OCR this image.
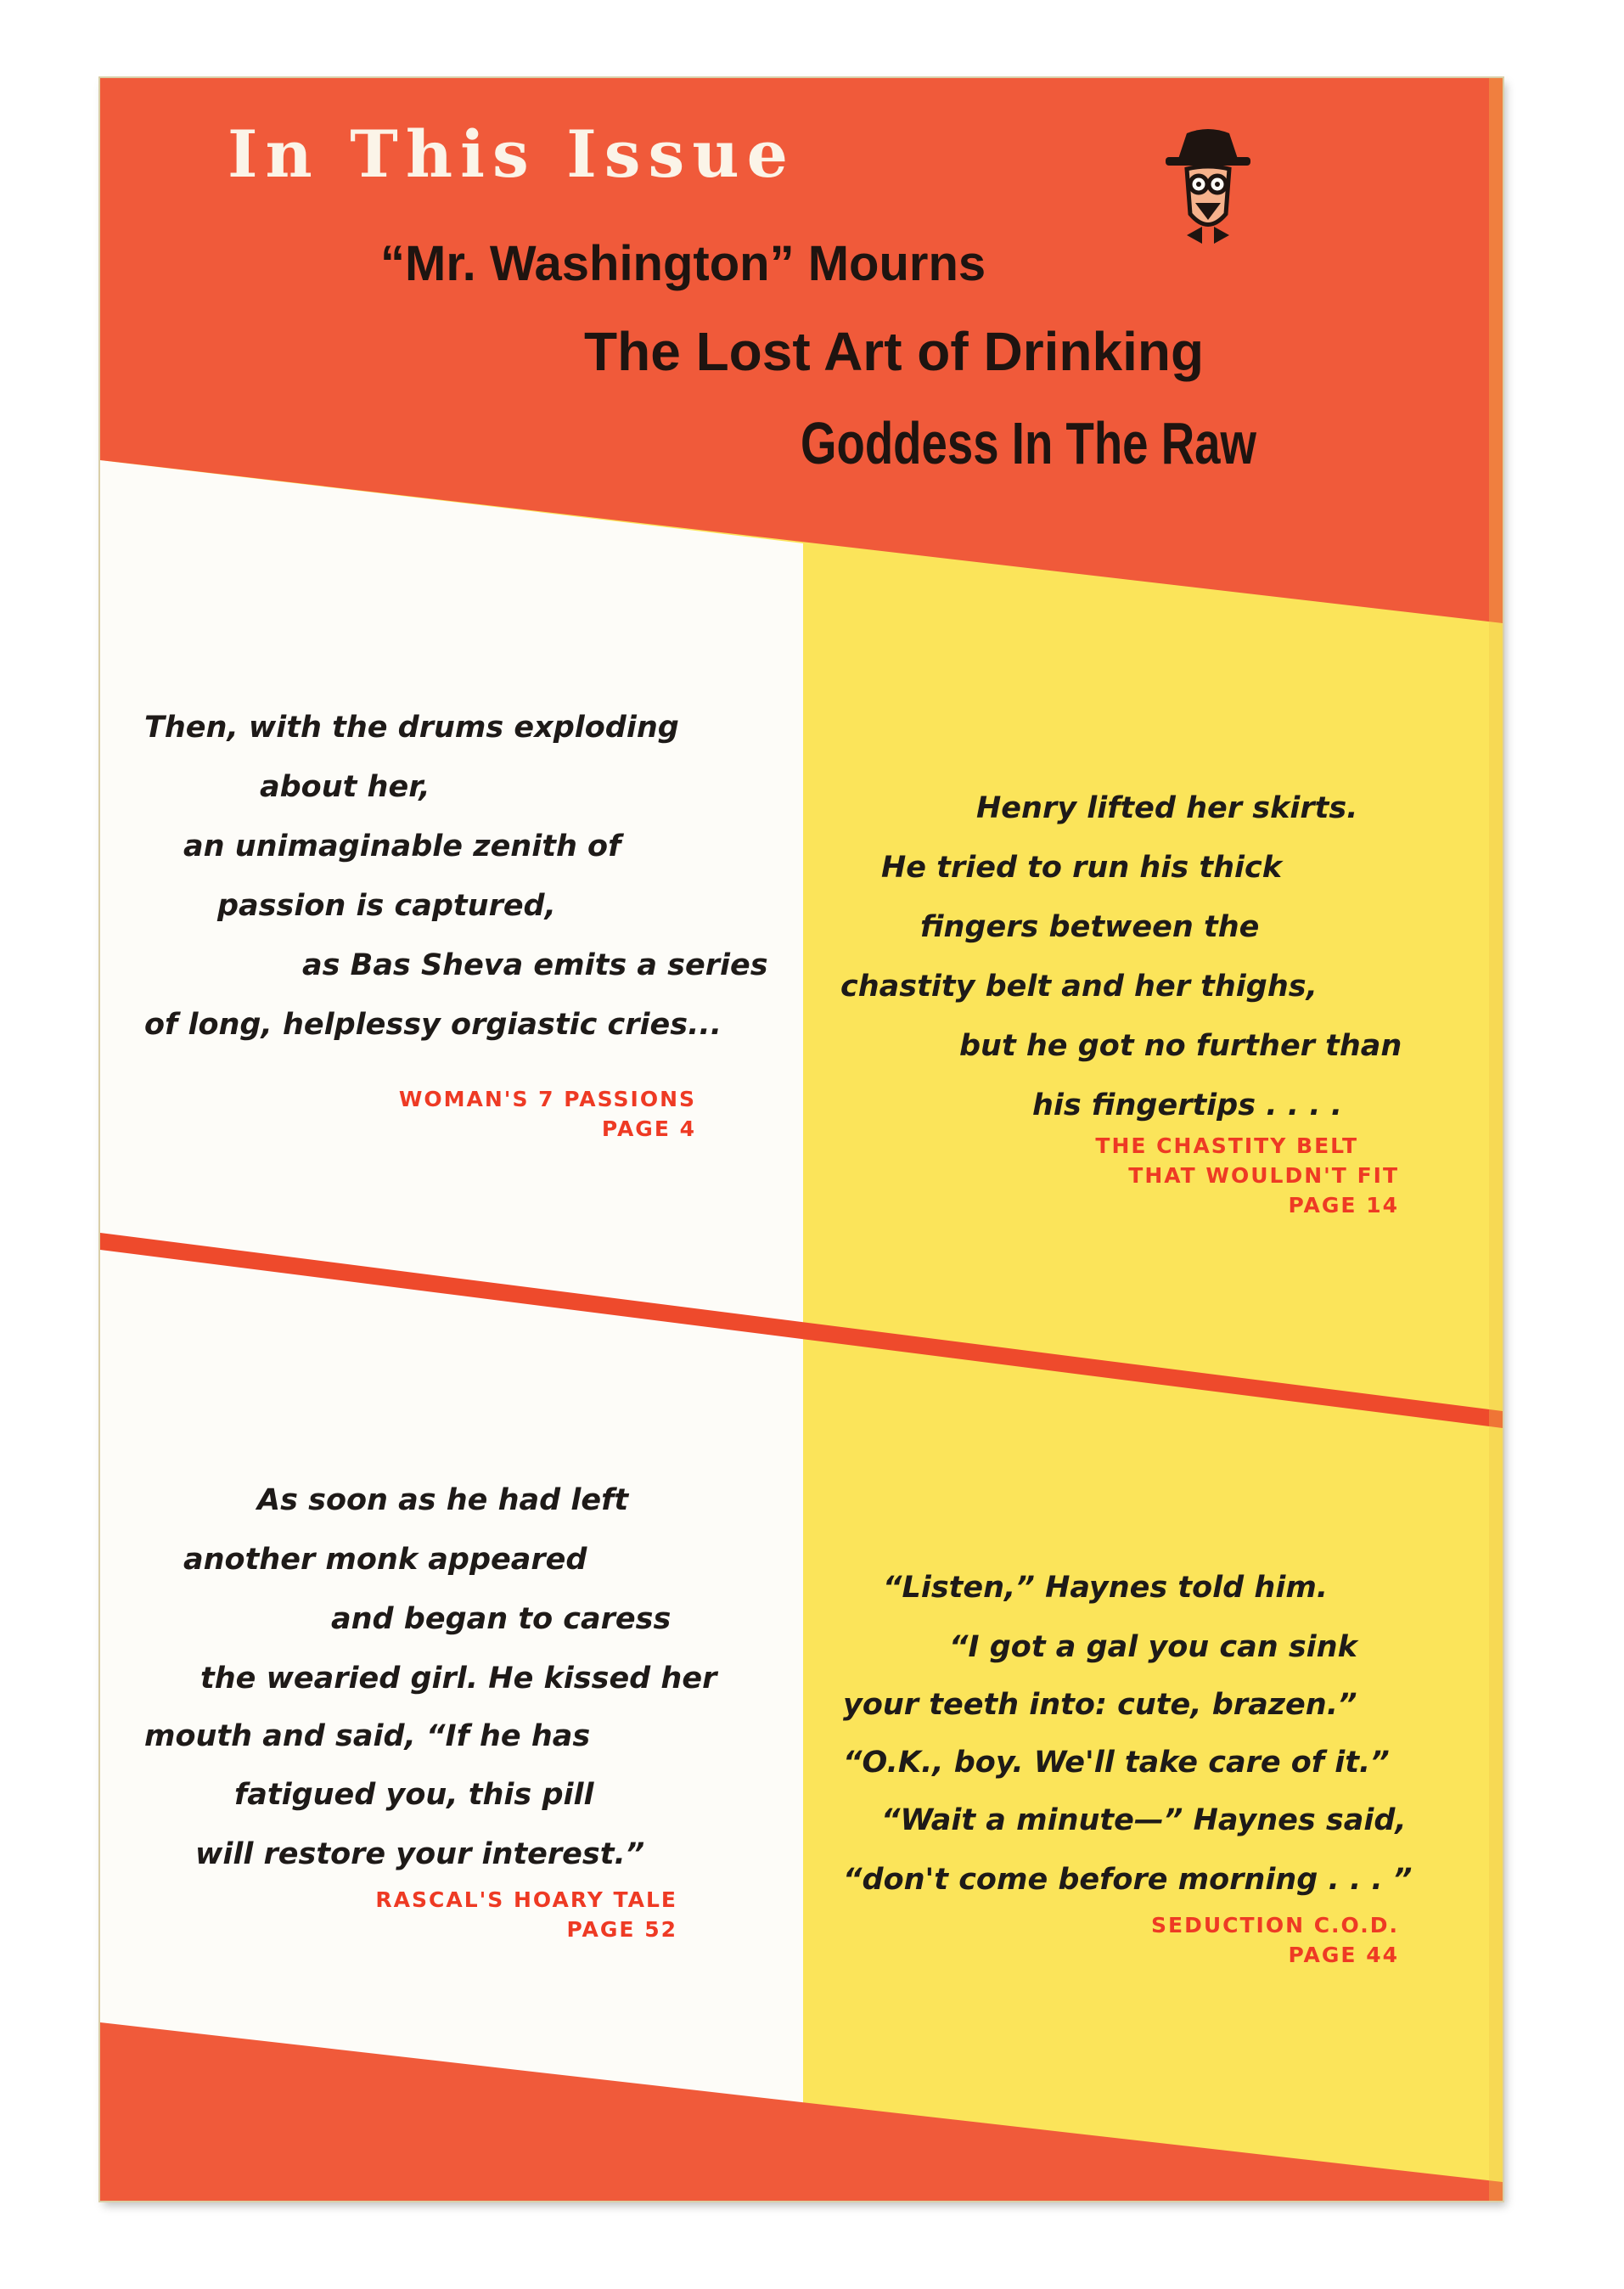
In This Issue

“Mr. Washington” Mourns

The Lost Art of Drinking

Goddess In The Raw

Then, with the drums exploding
about her,
an unimaginable zenith of
passion is captured,
as Bas Sheva emits a series
of long, helplessy orgiastic cries...
WOMAN'S 7 PASSIONS
PAGE 4
Henry lifted her skirts.
He tried to run his thick
fingers between the
chastity belt and her thighs,
but he got no further than
his fingertips . . . .
THE CHASTITY BELT
THAT WOULDN'T FIT
PAGE 14
As soon as he had left
another monk appeared
and began to caress
the wearied girl. He kissed her
mouth and said, “If he has
fatigued you, this pill
will restore your interest.”
RASCAL'S HOARY TALE
PAGE 52
“Listen,” Haynes told him.
“I got a gal you can sink
your teeth into: cute, brazen.”
“O.K., boy. We'll take care of it.”
“Wait a minute—” Haynes said,
“don't come before morning . . . ”
SEDUCTION C.O.D.
PAGE 44
